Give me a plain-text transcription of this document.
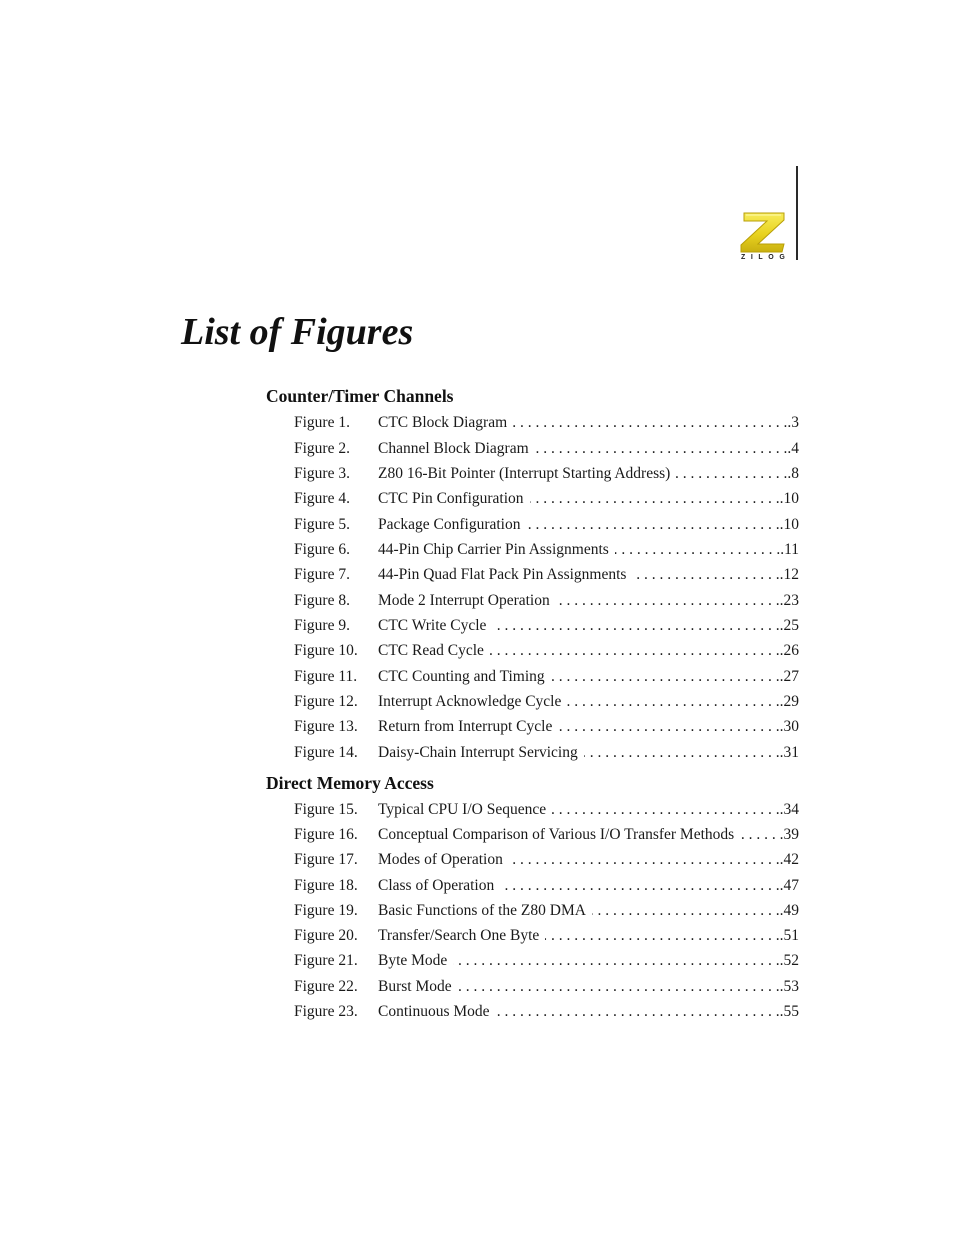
ZILOG
List of Figures
Counter/Timer Channels
Figure 1. CTC Block Diagram . . .	.3
Figure 2. Channel Block Diagram . . .	.4
Figure 3. Z80 16-Bit Pointer (Interrupt Starting Address) . . .	.8
Figure 4. CTC Pin Configuration . . .	.10
Figure 5. Package Configuration . . .	.10
Figure 6. 44-Pin Chip Carrier Pin Assignments . . .	.11
Figure 7. 44-Pin Quad Flat Pack Pin Assignments . . .	.12
Figure 8. Mode 2 Interrupt Operation . . .	.23
Figure 9. CTC Write Cycle . . .	.25
Figure 10. CTC Read Cycle . . .	.26
Figure 11. CTC Counting and Timing . . .	.27
Figure 12. Interrupt Acknowledge Cycle . . .	.29
Figure 13. Return from Interrupt Cycle . . .	.30
Figure 14. Daisy-Chain Interrupt Servicing . . .	.31
Direct Memory Access
Figure 15. Typical CPU I/O Sequence . . .	.34
Figure 16. Conceptual Comparison of Various I/O Transfer Methods . . .	39
Figure 17. Modes of Operation . . .	.42
Figure 18. Class of Operation . . .	.47
Figure 19. Basic Functions of the Z80 DMA . . .	.49
Figure 20. Transfer/Search One Byte . . .	.51
Figure 21. Byte Mode . . .	.52
Figure 22. Burst Mode . . .	.53
Figure 23. Continuous Mode . . .	.55
